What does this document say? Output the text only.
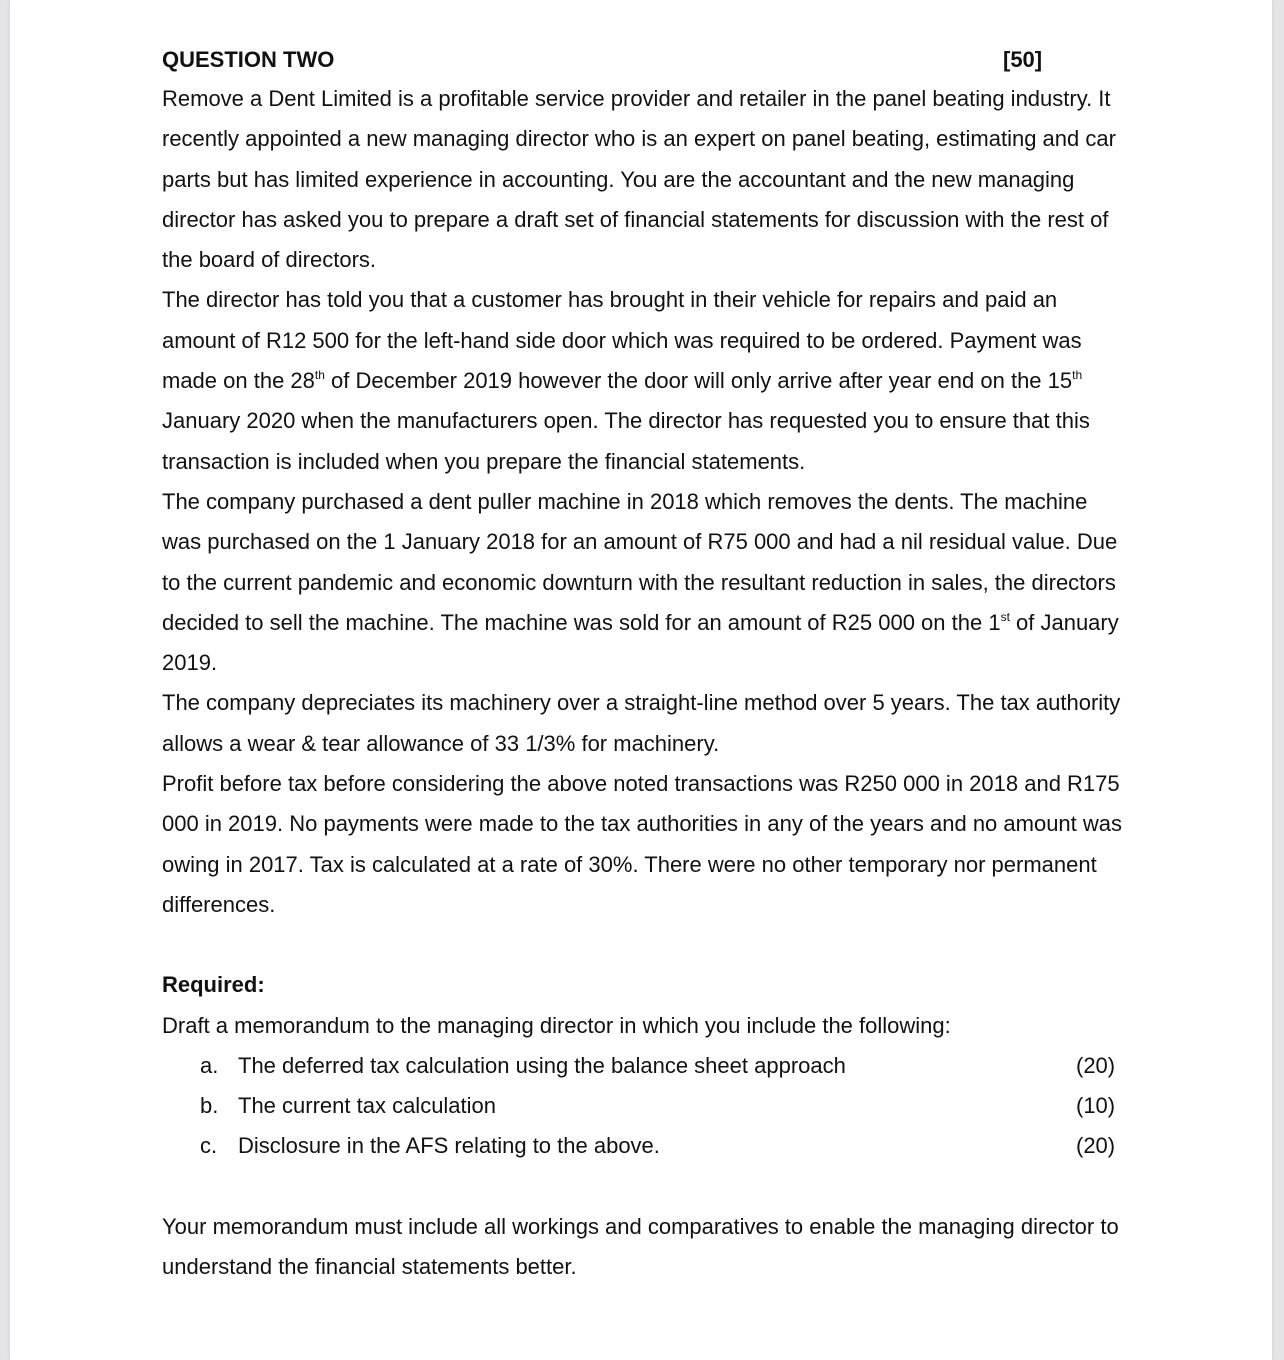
QUESTION TWO	[50]

Remove a Dent Limited is a profitable service provider and retailer in the panel beating industry. It recently appointed a new managing director who is an expert on panel beating, estimating and car parts but has limited experience in accounting. You are the accountant and the new managing director has asked you to prepare a draft set of financial statements for discussion with the rest of the board of directors.

The director has told you that a customer has brought in their vehicle for repairs and paid an amount of R12 500 for the left-hand side door which was required to be ordered. Payment was made on the 28th of December 2019 however the door will only arrive after year end on the 15th January 2020 when the manufacturers open. The director has requested you to ensure that this transaction is included when you prepare the financial statements.

The company purchased a dent puller machine in 2018 which removes the dents. The machine was purchased on the 1 January 2018 for an amount of R75 000 and had a nil residual value. Due to the current pandemic and economic downturn with the resultant reduction in sales, the directors decided to sell the machine. The machine was sold for an amount of R25 000 on the 1st of January 2019.

The company depreciates its machinery over a straight-line method over 5 years. The tax authority allows a wear & tear allowance of 33 1/3% for machinery.

Profit before tax before considering the above noted transactions was R250 000 in 2018 and R175 000 in 2019. No payments were made to the tax authorities in any of the years and no amount was owing in 2017. Tax is calculated at a rate of 30%. There were no other temporary nor permanent differences.

Required:

Draft a memorandum to the managing director in which you include the following:

a. The deferred tax calculation using the balance sheet approach	(20)
b. The current tax calculation	(10)
c. Disclosure in the AFS relating to the above.	(20)

Your memorandum must include all workings and comparatives to enable the managing director to understand the financial statements better.
